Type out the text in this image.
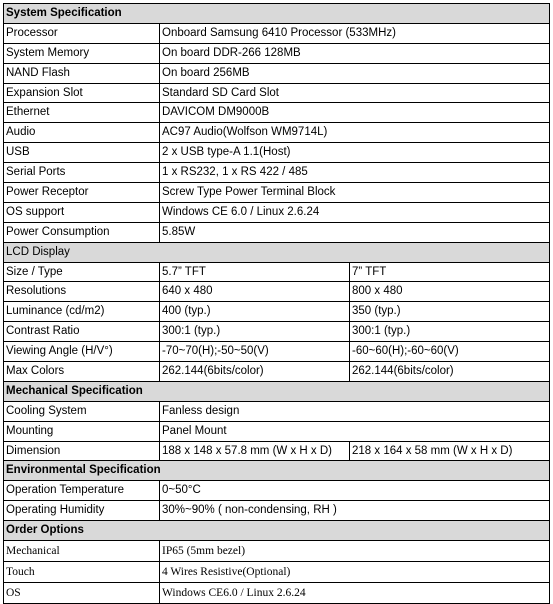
System Specification		
Processor	Onboard Samsung 6410 Processor (533MHz)	
System Memory	On board DDR-266 128MB	
NAND Flash	On board 256MB	
Expansion Slot	Standard SD Card Slot	
Ethernet	DAVICOM DM9000B	
Audio	AC97 Audio(Wolfson WM9714L)	
USB	2 x USB type-A 1.1(Host)	
Serial Ports	1 x RS232, 1 x RS 422 / 485	
Power Receptor	Screw Type Power Terminal Block	
OS support	Windows CE 6.0 / Linux 2.6.24	
Power Consumption	5.85W	
LCD Display		
Size / Type	5.7” TFT	7” TFT
Resolutions	640 x 480	800 x 480
Luminance (cd/m2)	400 (typ.)	350 (typ.)
Contrast Ratio	300:1 (typ.)	300:1 (typ.)
Viewing Angle (H/V°)	-70~70(H);-50~50(V)	-60~60(H);-60~60(V)
Max Colors	262.144(6bits/color)	262.144(6bits/color)
Mechanical Specification		
Cooling System	Fanless design	
Mounting	Panel Mount	
Dimension	188 x 148 x 57.8 mm (W x H x D)	218 x 164 x 58 mm (W x H x D)
Environmental Specification		
Operation Temperature	0~50°C	
Operating Humidity	30%~90% ( non-condensing, RH )	
Order Options		
Mechanical	IP65 (5mm bezel)	
Touch	4 Wires Resistive(Optional)	
OS	Windows CE6.0 / Linux 2.6.24	
